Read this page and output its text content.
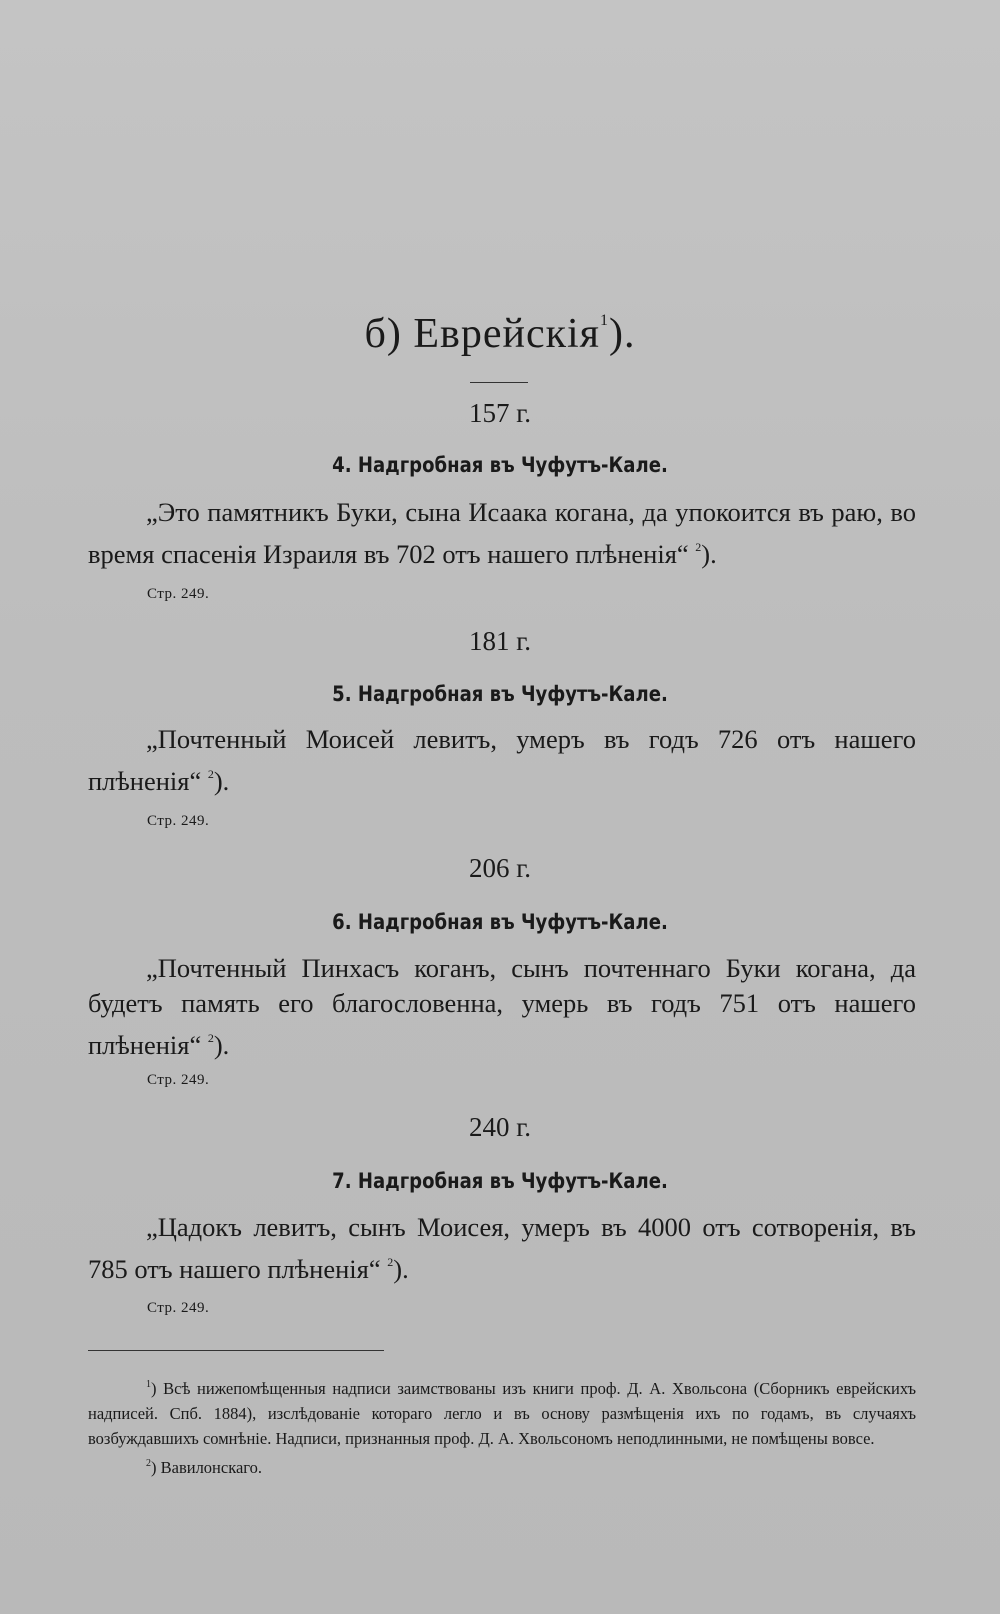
б) Еврейскія$^1$).
157 г.
4. Надгробная въ Чуфутъ-Кале.
„Это памятникъ Буки, сына Исаака когана, да упокоится въ раю, во время спасенія Израиля въ 702 отъ нашего плѣненія“ $^2$).
Стр. 249.
181 г.
5. Надгробная въ Чуфутъ-Кале.
„Почтенный Моисей левитъ, умеръ въ годъ 726 отъ нашего плѣненія“ $^2$).
Стр. 249.
206 г.
6. Надгробная въ Чуфутъ-Кале.
„Почтенный Пинхасъ коганъ, сынъ почтеннаго Буки когана, да будетъ память его благословенна, умерь въ годъ 751 отъ нашего плѣненія“ $^2$).
Стр. 249.
240 г.
7. Надгробная въ Чуфутъ-Кале.
„Цадокъ левитъ, сынъ Моисея, умеръ въ 4000 отъ сотворенія, въ 785 отъ нашего плѣненія“ $^2$).
Стр. 249.

$^1$) Всѣ нижепомѣщенныя надписи заимствованы изъ книги проф. Д. А. Хвольсона (Сборникъ еврейскихъ надписей. Спб. 1884), изслѣдованіе котораго легло и въ основу размѣщенія ихъ по годамъ, въ случаяхъ возбуждавшихъ сомнѣніе. Надписи, признанныя проф. Д. А. Хвольсономъ неподлинными, не помѣщены вовсе.

$^2$) Вавилонскаго.
